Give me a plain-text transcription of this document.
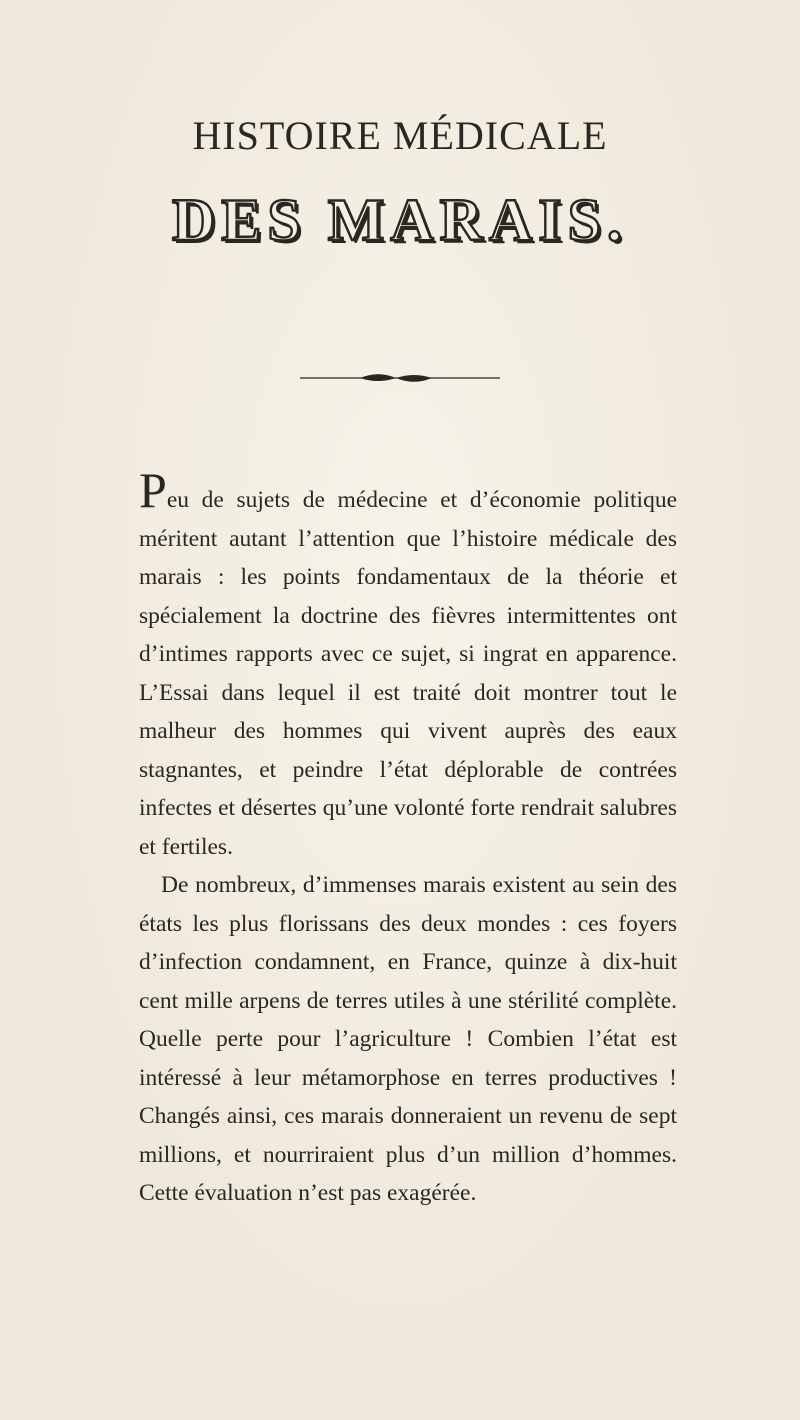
HISTOIRE MÉDICALE
DES MARAIS.

Peu de sujets de médecine et d’économie politique méritent autant l’attention que l’histoire médicale des marais : les points fondamentaux de la théorie et spécialement la doctrine des fièvres intermittentes ont d’intimes rapports avec ce sujet, si ingrat en apparence. L’Essai dans lequel il est traité doit montrer tout le malheur des hommes qui vivent auprès des eaux stagnantes, et peindre l’état déplorable de contrées infectes et désertes qu’une volonté forte rendrait salubres et fertiles.

De nombreux, d’immenses marais existent au sein des états les plus florissans des deux mondes : ces foyers d’infection condamnent, en France, quinze à dix-huit cent mille arpens de terres utiles à une stérilité complète. Quelle perte pour l’agriculture ! Combien l’état est intéressé à leur métamorphose en terres productives ! Changés ainsi, ces marais donneraient un revenu de sept millions, et nourriraient plus d’un million d’hommes. Cette évaluation n’est pas exagérée.
